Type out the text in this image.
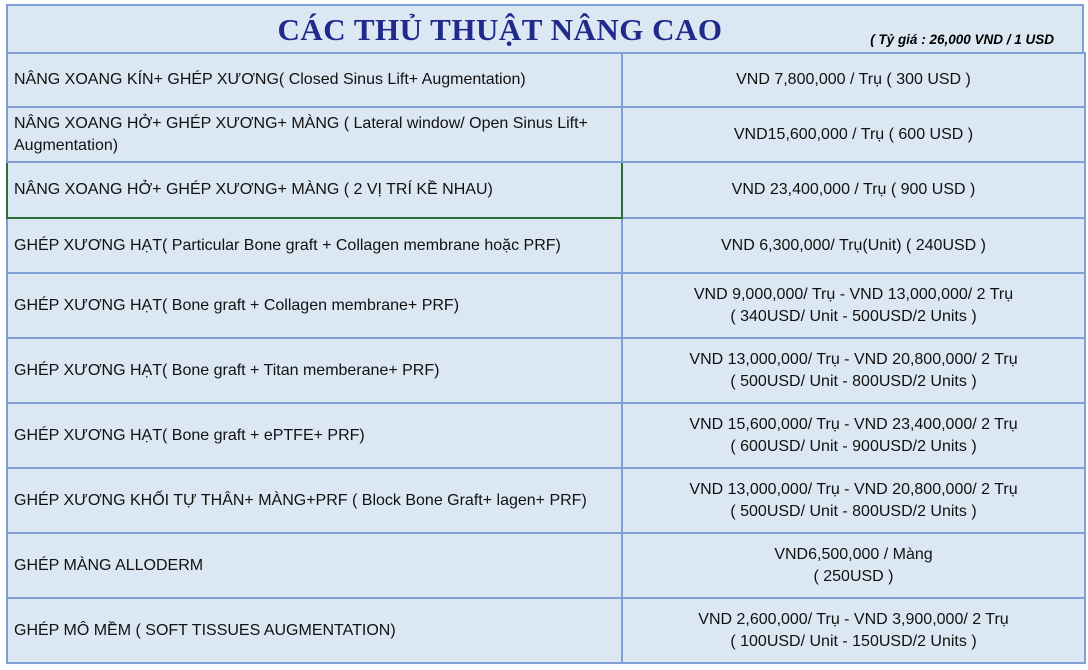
CÁC THỦ THUẬT NÂNG CAO	( Tỷ giá : 26,000 VND / 1 USD
NÂNG XOANG KÍN+ GHÉP XƯƠNG( Closed Sinus Lift+ Augmentation)	VND 7,800,000 / Trụ ( 300 USD )

NÂNG XOANG HỞ+ GHÉP XƯƠNG+ MÀNG ( Lateral window/ Open Sinus Lift+ Augmentation)	VND15,600,000 / Trụ ( 600 USD )

NÂNG XOANG HỞ+ GHÉP XƯƠNG+ MÀNG ( 2 VỊ TRÍ KỀ NHAU)	VND 23,400,000 / Trụ ( 900 USD )

GHÉP XƯƠNG HẠT( Particular Bone graft + Collagen membrane hoặc PRF)	VND 6,300,000/ Trụ(Unit) ( 240USD )

GHÉP XƯƠNG HẠT( Bone graft + Collagen membrane+ PRF)	VND 9,000,000/ Trụ - VND 13,000,000/ 2 Trụ
( 340USD/ Unit - 500USD/2 Units )

GHÉP XƯƠNG HẠT( Bone graft + Titan memberane+ PRF)	VND 13,000,000/ Trụ - VND 20,800,000/ 2 Trụ
( 500USD/ Unit - 800USD/2 Units )

GHÉP XƯƠNG HẠT( Bone graft + ePTFE+ PRF)	VND 15,600,000/ Trụ - VND 23,400,000/ 2 Trụ
( 600USD/ Unit - 900USD/2 Units )

GHÉP XƯƠNG KHỐI TỰ THÂN+ MÀNG+PRF ( Block Bone Graft+ lagen+ PRF)	VND 13,000,000/ Trụ - VND 20,800,000/ 2 Trụ
( 500USD/ Unit - 800USD/2 Units )

GHÉP MÀNG ALLODERM	VND6,500,000 / Màng
( 250USD )

GHÉP MÔ MỀM ( SOFT TISSUES AUGMENTATION)	VND 2,600,000/ Trụ - VND 3,900,000/ 2 Trụ
( 100USD/ Unit - 150USD/2 Units )
